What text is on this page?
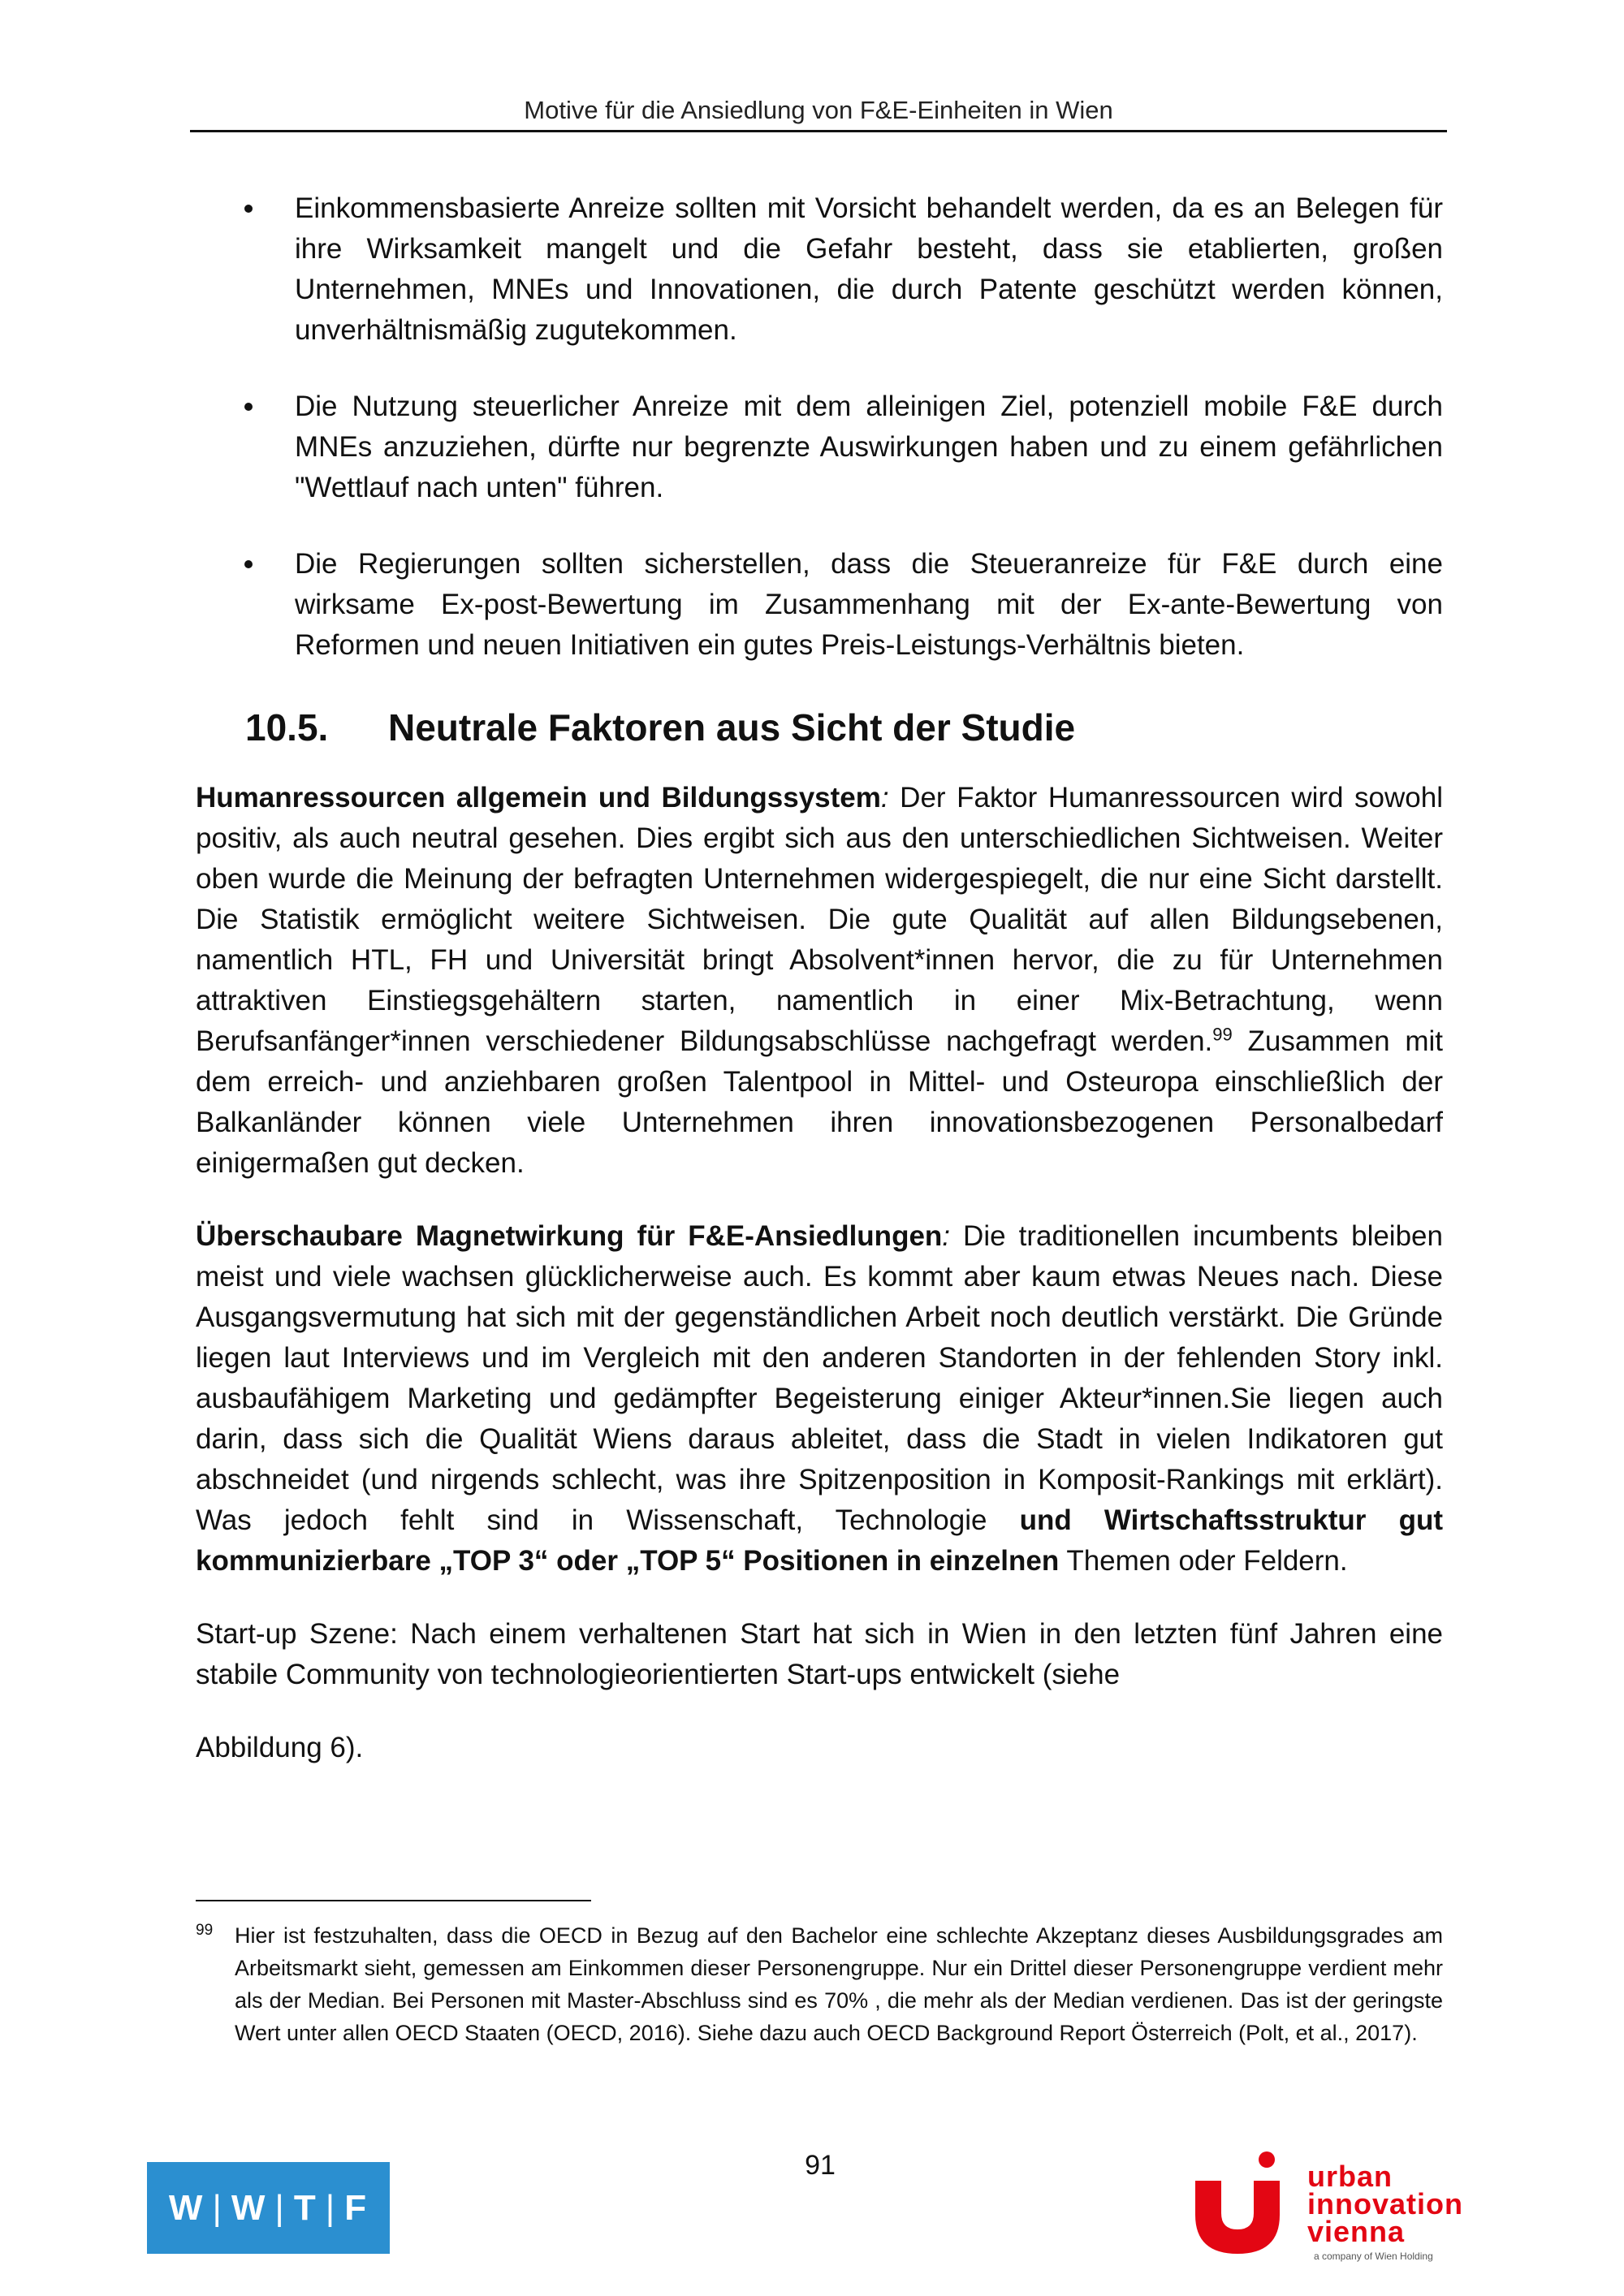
Motive für die Ansiedlung von F&E-Einheiten in Wien

Einkommensbasierte Anreize sollten mit Vorsicht behandelt werden, da es an Belegen für ihre Wirksamkeit mangelt und die Gefahr besteht, dass sie etablierten, großen Unternehmen, MNEs und Innovationen, die durch Patente geschützt werden können, unverhältnismäßig zugutekommen.

Die Nutzung steuerlicher Anreize mit dem alleinigen Ziel, potenziell mobile F&E durch MNEs anzuziehen, dürfte nur begrenzte Auswirkungen haben und zu einem gefährlichen "Wettlauf nach unten" führen.

Die Regierungen sollten sicherstellen, dass die Steueranreize für F&E durch eine wirksame Ex-post-Bewertung im Zusammenhang mit der Ex-ante-Bewertung von Reformen und neuen Initiativen ein gutes Preis-Leistungs-Verhältnis bieten.

10.5.	Neutrale Faktoren aus Sicht der Studie

Humanressourcen allgemein und Bildungssystem: Der Faktor Humanressourcen wird sowohl positiv, als auch neutral gesehen. Dies ergibt sich aus den unterschiedlichen Sichtweisen. Weiter oben wurde die Meinung der befragten Unternehmen widergespiegelt, die nur eine Sicht darstellt. Die Statistik ermöglicht weitere Sichtweisen. Die gute Qualität auf allen Bildungsebenen, namentlich HTL, FH und Universität bringt Absolvent*innen hervor, die zu für Unternehmen attraktiven Einstiegsgehältern starten, namentlich in einer Mix-Betrachtung, wenn Berufsanfänger*innen verschiedener Bildungsabschlüsse nachgefragt werden.$^{99}$ Zusammen mit dem erreich- und anziehbaren großen Talentpool in Mittel- und Osteuropa einschließlich der Balkanländer können viele Unternehmen ihren innovationsbezogenen Personalbedarf einigermaßen gut decken.

Überschaubare Magnetwirkung für F&E-Ansiedlungen: Die traditionellen incumbents bleiben meist und viele wachsen glücklicherweise auch. Es kommt aber kaum etwas Neues nach. Diese Ausgangsvermutung hat sich mit der gegenständlichen Arbeit noch deutlich verstärkt. Die Gründe liegen laut Interviews und im Vergleich mit den anderen Standorten in der fehlenden Story inkl. ausbaufähigem Marketing und gedämpfter Begeisterung einiger Akteur*innen.Sie liegen auch darin, dass sich die Qualität Wiens daraus ableitet, dass die Stadt in vielen Indikatoren gut abschneidet (und nirgends schlecht, was ihre Spitzenposition in Komposit-Rankings mit erklärt). Was jedoch fehlt sind in Wissenschaft, Technologie und Wirtschaftsstruktur gut kommunizierbare „TOP 3“ oder „TOP 5“ Positionen in einzelnen Themen oder Feldern.

Start-up Szene: Nach einem verhaltenen Start hat sich in Wien in den letzten fünf Jahren eine stabile Community von technologieorientierten Start-ups entwickelt (siehe

Abbildung 6).

99 Hier ist festzuhalten, dass die OECD in Bezug auf den Bachelor eine schlechte Akzeptanz dieses Ausbildungsgrades am Arbeitsmarkt sieht, gemessen am Einkommen dieser Personengruppe. Nur ein Drittel dieser Personengruppe verdient mehr als der Median. Bei Personen mit Master-Abschluss sind es 70% , die mehr als der Median verdienen. Das ist der geringste Wert unter allen OECD Staaten (OECD, 2016). Siehe dazu auch OECD Background Report Österreich (Polt, et al., 2017).
91
W | W | T | F
urban
innovation
vienna
a company of Wien Holding
